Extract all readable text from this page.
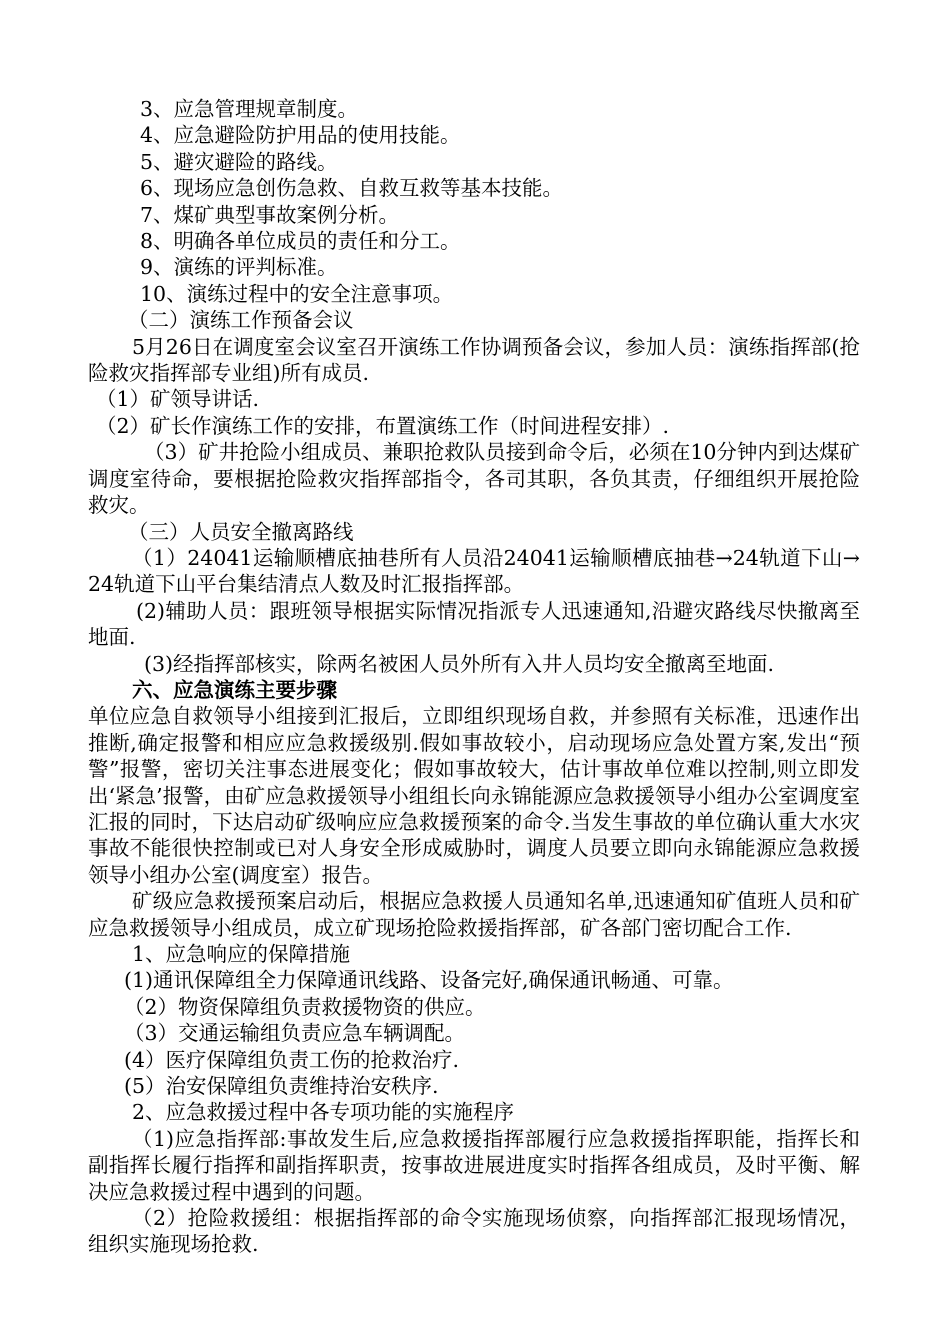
3、应急管理规章制度。

4、应急避险防护用品的使用技能。

5、避灾避险的路线。

6、现场应急创伤急救、自救互救等基本技能。

7、煤矿典型事故案例分析。

8、明确各单位成员的责任和分工。

9、演练的评判标准。

10、演练过程中的安全注意事项。

（二）演练工作预备会议

5月26日在调度室会议室召开演练工作协调预备会议，参加人员：演练指挥部(抢险救灾指挥部专业组)所有成员.

（1）矿领导讲话.

（2）矿长作演练工作的安排，布置演练工作（时间进程安排）.

（3）矿井抢险小组成员、兼职抢救队员接到命令后，必须在10分钟内到达煤矿调度室待命，要根据抢险救灾指挥部指令，各司其职，各负其责，仔细组织开展抢险救灾。

（三）人员安全撤离路线

（1）24041运输顺槽底抽巷所有人员沿24041运输顺槽底抽巷→24轨道下山→24轨道下山平台集结清点人数及时汇报指挥部。

(2)辅助人员：跟班领导根据实际情况指派专人迅速通知,沿避灾路线尽快撤离至地面.

(3)经指挥部核实，除两名被困人员外所有入井人员均安全撤离至地面.

六、应急演练主要步骤

单位应急自救领导小组接到汇报后，立即组织现场自救，并参照有关标准，迅速作出推断,确定报警和相应应急救援级别.假如事故较小，启动现场应急处置方案,发出“预警”报警，密切关注事态进展变化；假如事故较大，估计事故单位难以控制,则立即发出‘紧急’报警，由矿应急救援领导小组组长向永锦能源应急救援领导小组办公室调度室汇报的同时，下达启动矿级响应应急救援预案的命令.当发生事故的单位确认重大水灾事故不能很快控制或已对人身安全形成威胁时，调度人员要立即向永锦能源应急救援领导小组办公室(调度室）报告。

矿级应急救援预案启动后，根据应急救援人员通知名单,迅速通知矿值班人员和矿应急救援领导小组成员，成立矿现场抢险救援指挥部，矿各部门密切配合工作.

1、应急响应的保障措施

(1)通讯保障组全力保障通讯线路、设备完好,确保通讯畅通、可靠。

（2）物资保障组负责救援物资的供应。

（3）交通运输组负责应急车辆调配。

(4）医疗保障组负责工伤的抢救治疗.

(5）治安保障组负责维持治安秩序.

2、应急救援过程中各专项功能的实施程序

（1)应急指挥部:事故发生后,应急救援指挥部履行应急救援指挥职能，指挥长和副指挥长履行指挥和副指挥职责，按事故进展进度实时指挥各组成员，及时平衡、解决应急救援过程中遇到的问题。

（2）抢险救援组：根据指挥部的命令实施现场侦察，向指挥部汇报现场情况，组织实施现场抢救.
